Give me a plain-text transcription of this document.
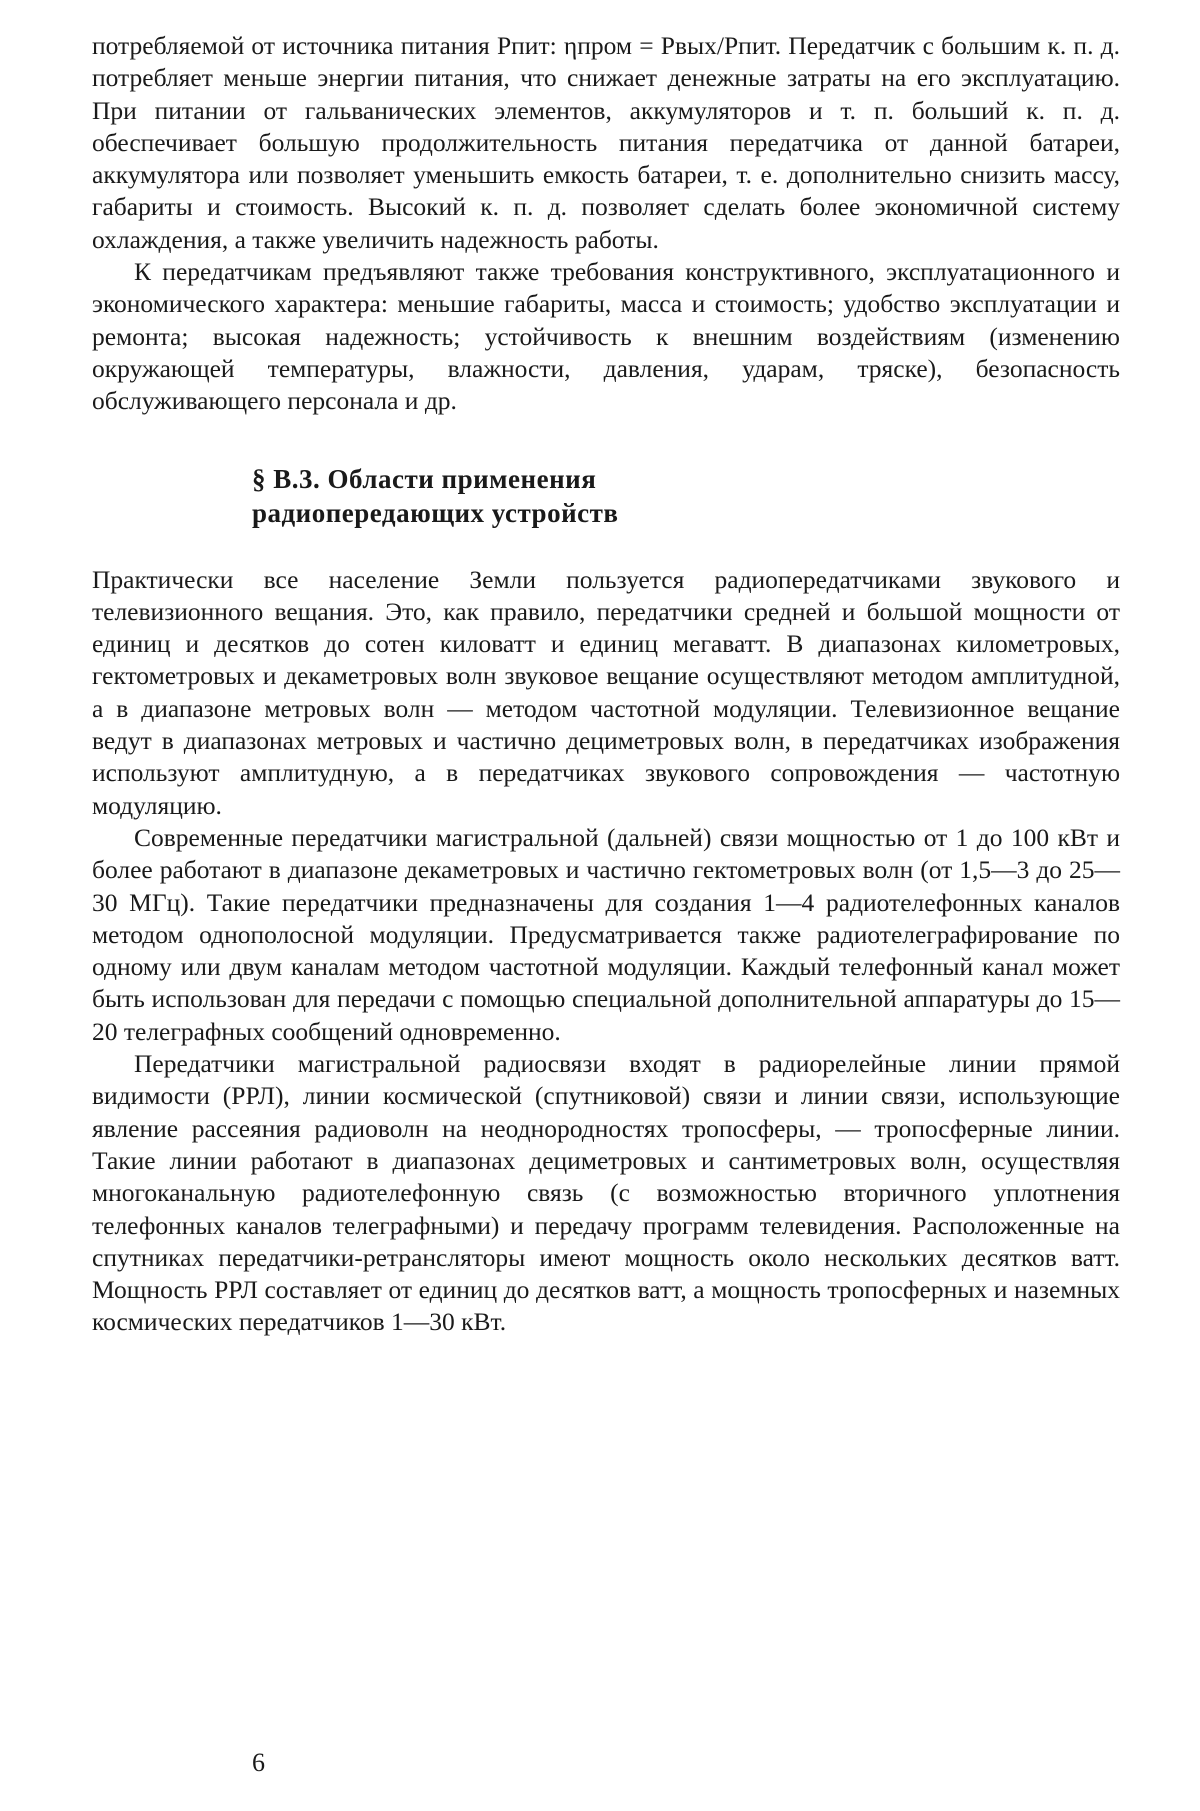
потребляемой от источника питания Pпит: ηпром = Pвых/Pпит. Передатчик с большим к. п. д. потребляет меньше энергии питания, что снижает денежные затраты на его эксплуатацию. При питании от гальванических элементов, аккумуляторов и т. п. больший к. п. д. обеспечивает большую продолжительность питания передатчика от данной батареи, аккумулятора или позволяет уменьшить емкость батареи, т. е. дополнительно снизить массу, габариты и стоимость. Высокий к. п. д. позволяет сделать более экономичной систему охлаждения, а также увеличить надежность работы.

К передатчикам предъявляют также требования конструктивного, эксплуатационного и экономического характера: меньшие габариты, масса и стоимость; удобство эксплуатации и ремонта; высокая надежность; устойчивость к внешним воздействиям (изменению окружающей температуры, влажности, давления, ударам, тряске), безопасность обслуживающего персонала и др.

§ В.3. Области применения

радиопередающих устройств

Практически все население Земли пользуется радиопередатчиками звукового и телевизионного вещания. Это, как правило, передатчики средней и большой мощности от единиц и десятков до сотен киловатт и единиц мегаватт. В диапазонах километровых, гектометровых и декаметровых волн звуковое вещание осуществляют методом амплитудной, а в диапазоне метровых волн — методом частотной модуляции. Телевизионное вещание ведут в диапазонах метровых и частично дециметровых волн, в передатчиках изображения используют амплитудную, а в передатчиках звукового сопровождения — частотную модуляцию.

Современные передатчики магистральной (дальней) связи мощностью от 1 до 100 кВт и более работают в диапазоне декаметровых и частично гектометровых волн (от 1,5—3 до 25—30 МГц). Такие передатчики предназначены для создания 1—4 радиотелефонных каналов методом однополосной модуляции. Предусматривается также радиотелеграфирование по одному или двум каналам методом частотной модуляции. Каждый телефонный канал может быть использован для передачи с помощью специальной дополнительной аппаратуры до 15—20 телеграфных сообщений одновременно.

Передатчики магистральной радиосвязи входят в радиорелейные линии прямой видимости (РРЛ), линии космической (спутниковой) связи и линии связи, использующие явление рассеяния радиоволн на неоднородностях тропосферы, — тропосферные линии. Такие линии работают в диапазонах дециметровых и сантиметровых волн, осуществляя многоканальную радиотелефонную связь (с возможностью вторичного уплотнения телефонных каналов телеграфными) и передачу программ телевидения. Расположенные на спутниках передатчики-ретрансляторы имеют мощность около нескольких десятков ватт. Мощность РРЛ составляет от единиц до десятков ватт, а мощность тропосферных и наземных космических передатчиков 1—30 кВт.

6
